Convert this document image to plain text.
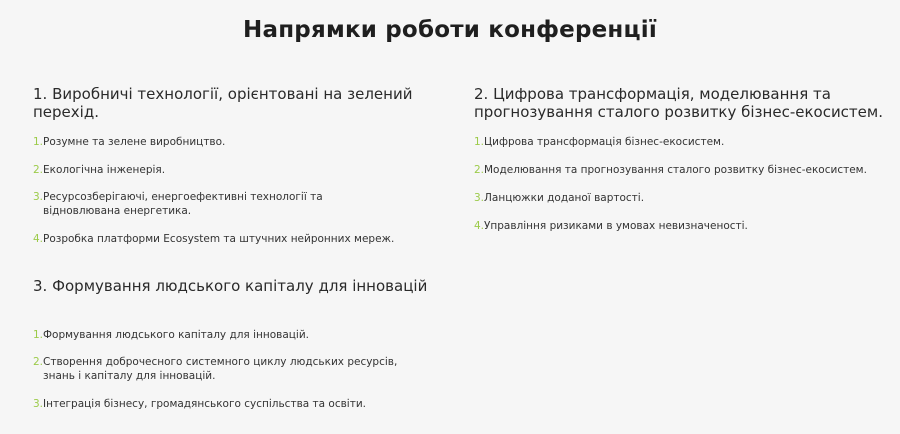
Напрямки роботи конференції
1. Виробничі технології, орієнтовані на зелений перехід.
1. Розумне та зелене виробництво.
2. Екологічна інженерія.
3. Ресурсозберігаючі, енергоефективні технології та відновлювана енергетика.
4. Розробка платформи Ecosystem та штучних нейронних мереж.
2. Цифрова трансформація, моделювання та прогнозування сталого розвитку бізнес-екосистем.
1. Цифрова трансформація бізнес-екосистем.
2. Моделювання та прогнозування сталого розвитку бізнес-екосистем.
3. Ланцюжки доданої вартості.
4. Управління ризиками в умовах невизначеності.
3. Формування людського капіталу для інновацій
1. Формування людського капіталу для інновацій.
2. Створення доброчесного системного циклу людських ресурсів, знань і капіталу для інновацій.
3. Інтеграція бізнесу, громадянського суспільства та освіти.
